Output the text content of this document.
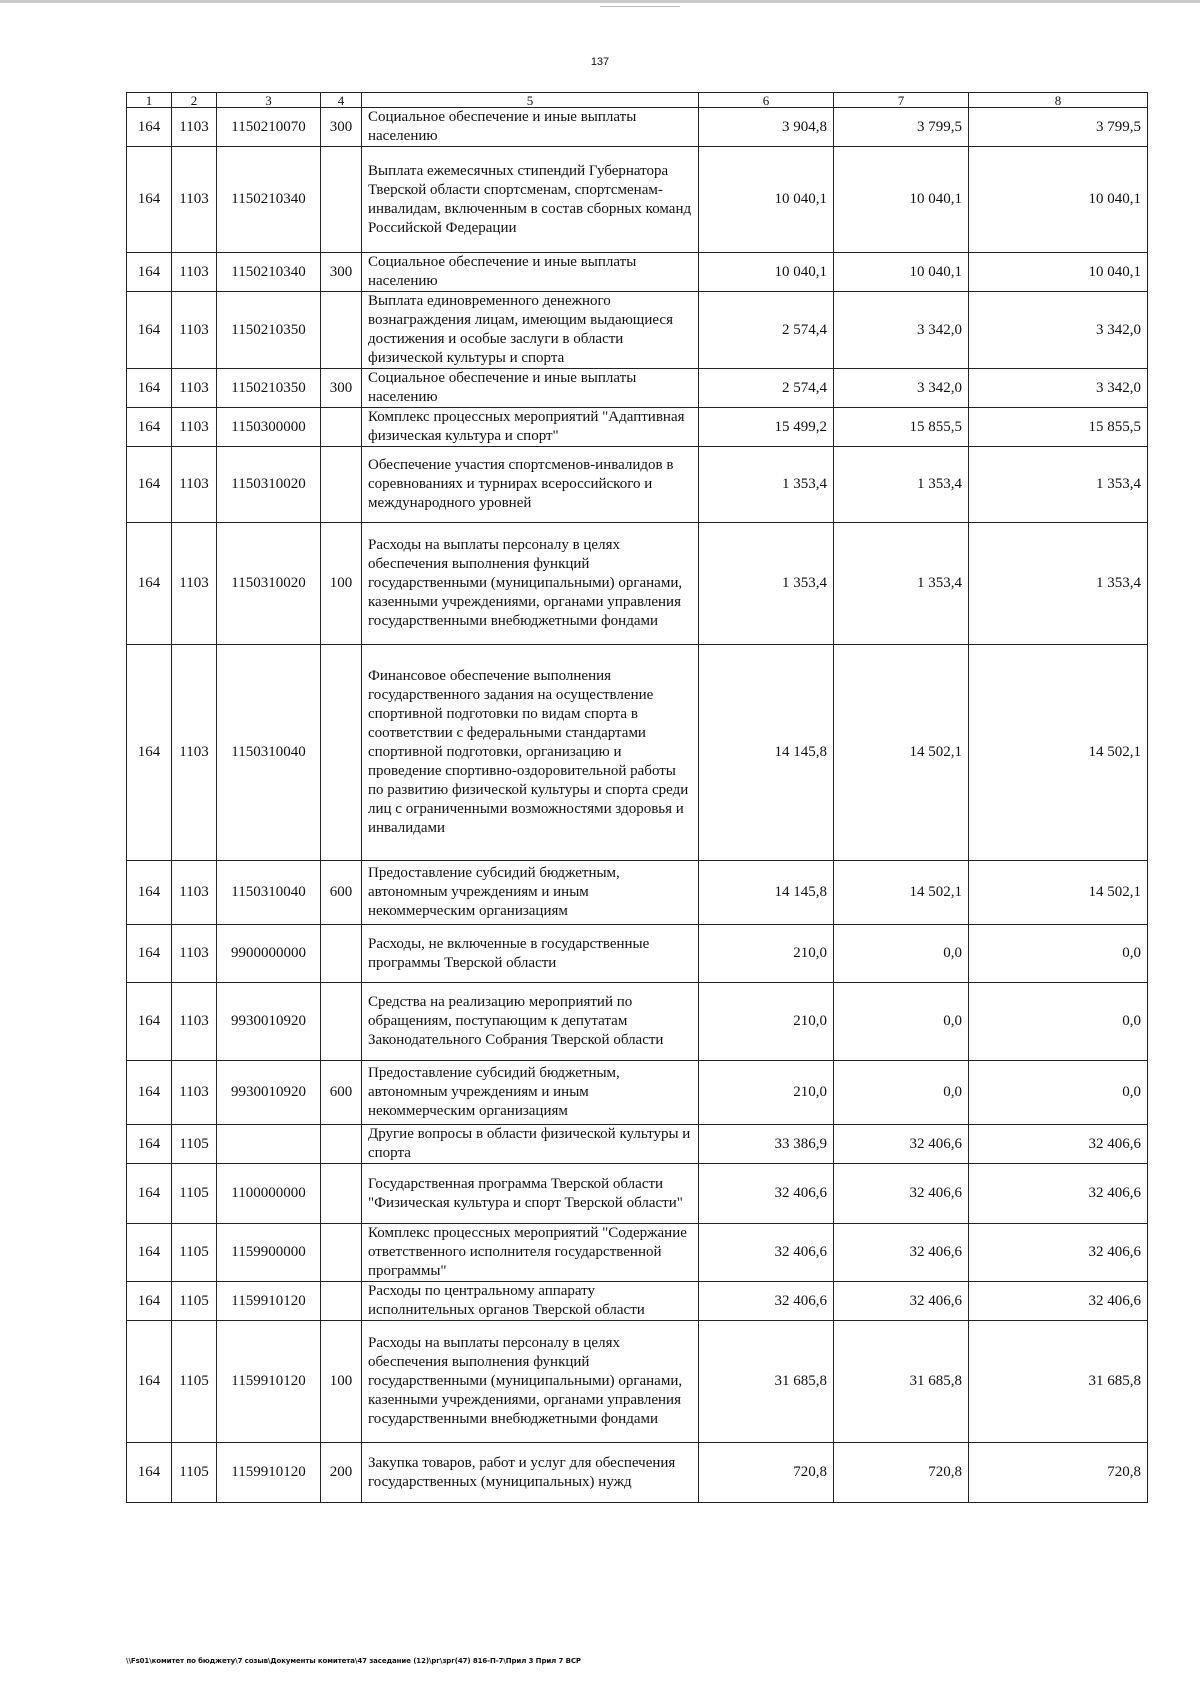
137
1	2	3	4	5	6	7	8
164	1103	1150210070	300	Социальное обеспечение и иные выплаты населению	3 904,8	3 799,5	3 799,5
164	1103	1150210340		Выплата ежемесячных стипендий Губернатора Тверской области спортсменам, спортсменам-инвалидам, включенным в состав сборных команд Российской Федерации	10 040,1	10 040,1	10 040,1
164	1103	1150210340	300	Социальное обеспечение и иные выплаты населению	10 040,1	10 040,1	10 040,1
164	1103	1150210350		Выплата единовременного денежного вознаграждения лицам, имеющим выдающиеся достижения и особые заслуги в области физической культуры и спорта	2 574,4	3 342,0	3 342,0
164	1103	1150210350	300	Социальное обеспечение и иные выплаты населению	2 574,4	3 342,0	3 342,0
164	1103	1150300000		Комплекс процессных мероприятий "Адаптивная физическая культура и спорт"	15 499,2	15 855,5	15 855,5
164	1103	1150310020		Обеспечение участия спортсменов-инвалидов в соревнованиях и турнирах всероссийского и международного уровней	1 353,4	1 353,4	1 353,4
164	1103	1150310020	100	Расходы на выплаты персоналу в целях обеспечения выполнения функций государственными (муниципальными) органами, казенными учреждениями, органами управления государственными внебюджетными фондами	1 353,4	1 353,4	1 353,4
164	1103	1150310040		Финансовое обеспечение выполнения государственного задания на осуществление спортивной подготовки по видам спорта в соответствии с федеральными стандартами спортивной подготовки, организацию и проведение спортивно-оздоровительной работы по развитию физической культуры и спорта среди лиц с ограниченными возможностями здоровья и инвалидами	14 145,8	14 502,1	14 502,1
164	1103	1150310040	600	Предоставление субсидий бюджетным, автономным учреждениям и иным некоммерческим организациям	14 145,8	14 502,1	14 502,1
164	1103	9900000000		Расходы, не включенные в государственные программы Тверской области	210,0	0,0	0,0
164	1103	9930010920		Средства на реализацию мероприятий по обращениям, поступающим к депутатам Законодательного Собрания Тверской области	210,0	0,0	0,0
164	1103	9930010920	600	Предоставление субсидий бюджетным, автономным учреждениям и иным некоммерческим организациям	210,0	0,0	0,0
164	1105			Другие вопросы в области физической культуры и спорта	33 386,9	32 406,6	32 406,6
164	1105	1100000000		Государственная программа Тверской области "Физическая культура и спорт Тверской области"	32 406,6	32 406,6	32 406,6
164	1105	1159900000		Комплекс процессных мероприятий "Содержание ответственного исполнителя государственной программы"	32 406,6	32 406,6	32 406,6
164	1105	1159910120		Расходы по центральному аппарату исполнительных органов Тверской области	32 406,6	32 406,6	32 406,6
164	1105	1159910120	100	Расходы на выплаты персоналу в целях обеспечения выполнения функций государственными (муниципальными) органами, казенными учреждениями, органами управления государственными внебюджетными фондами	31 685,8	31 685,8	31 685,8
164	1105	1159910120	200	Закупка товаров, работ и услуг для обеспечения государственных (муниципальных) нужд	720,8	720,8	720,8
\\Fs01\комитет по бюджету\7 созыв\Документы комитета\47 заседание (12)\рг\зрг(47) 816-П-7\Прил 3 Прил 7 ВСР
